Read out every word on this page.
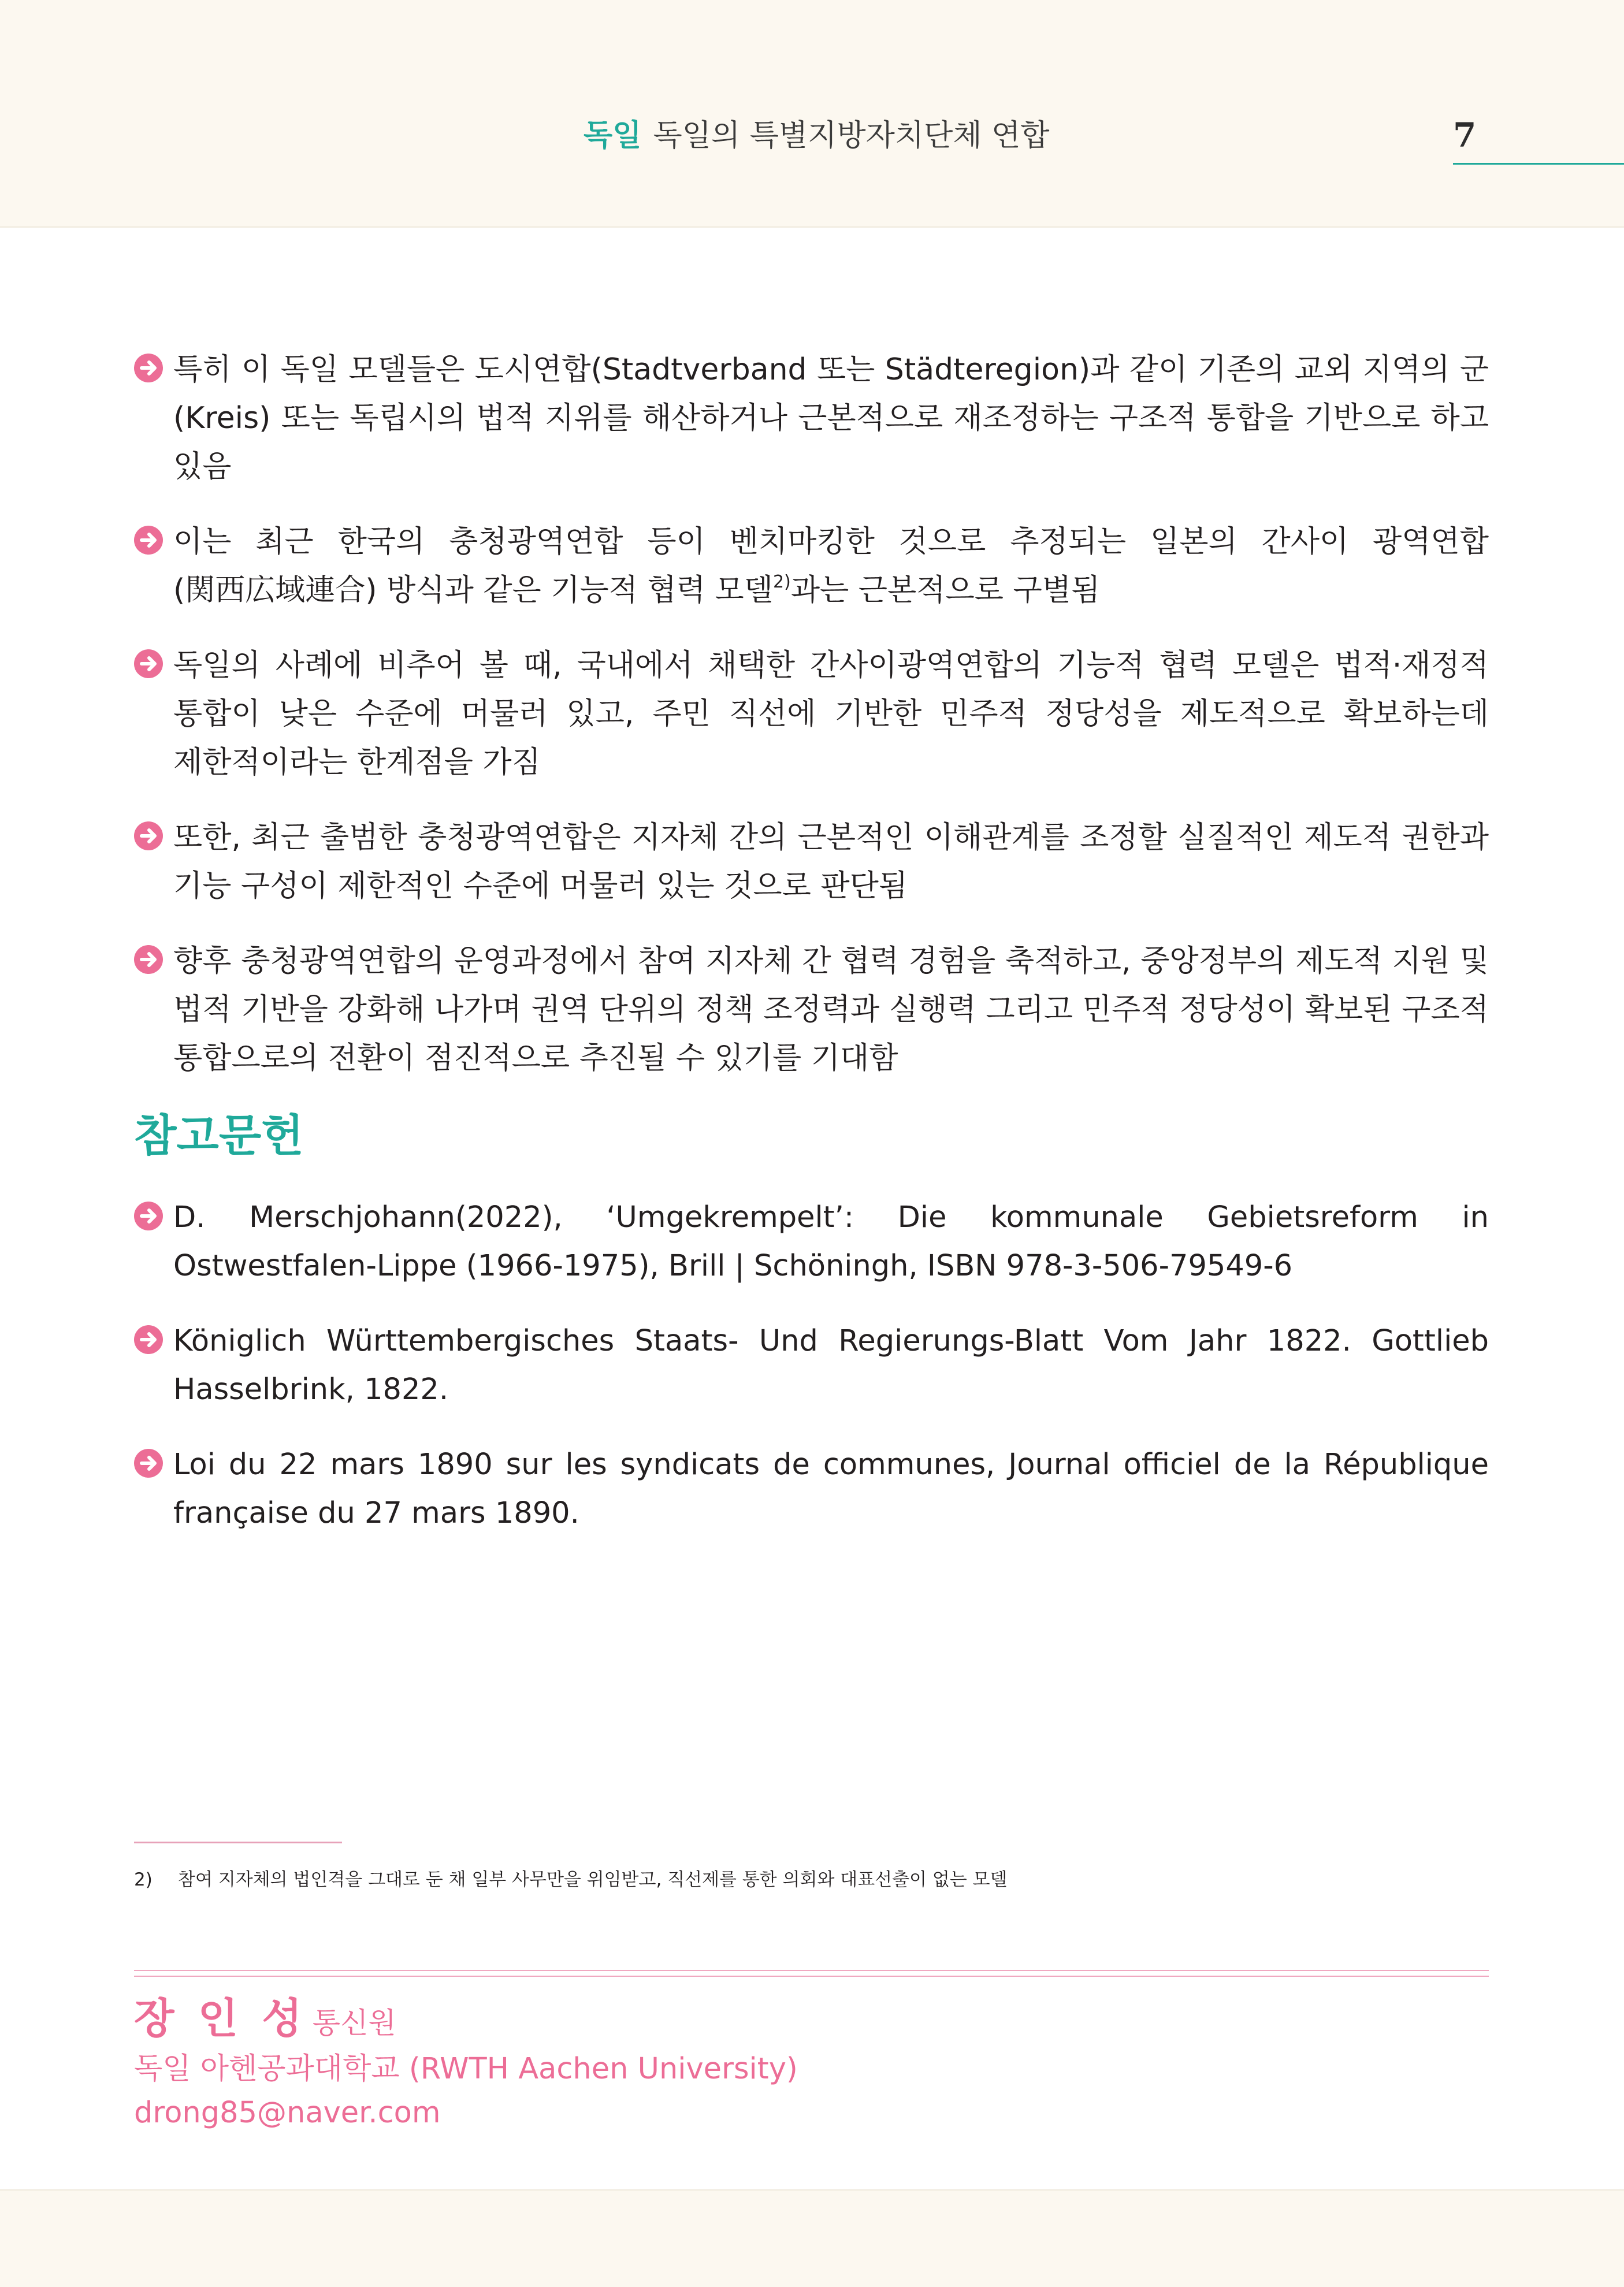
독일 독일의 특별지방자치단체 연합	7

특히 이 독일 모델들은 도시연합(Stadtverband 또는 Städteregion)과 같이 기존의 교외 지역의 군(Kreis) 또는 독립시의 법적 지위를 해산하거나 근본적으로 재조정하는 구조적 통합을 기반으로 하고 있음

이는 최근 한국의 충청광역연합 등이 벤치마킹한 것으로 추정되는 일본의 간사이 광역연합(関西広域連合) 방식과 같은 기능적 협력 모델$^{2)}$과는 근본적으로 구별됨

독일의 사례에 비추어 볼 때, 국내에서 채택한 간사이광역연합의 기능적 협력 모델은 법적·재정적 통합이 낮은 수준에 머물러 있고, 주민 직선에 기반한 민주적 정당성을 제도적으로 확보하는데 제한적이라는 한계점을 가짐

또한, 최근 출범한 충청광역연합은 지자체 간의 근본적인 이해관계를 조정할 실질적인 제도적 권한과 기능 구성이 제한적인 수준에 머물러 있는 것으로 판단됨

향후 충청광역연합의 운영과정에서 참여 지자체 간 협력 경험을 축적하고, 중앙정부의 제도적 지원 및 법적 기반을 강화해 나가며 권역 단위의 정책 조정력과 실행력 그리고 민주적 정당성이 확보된 구조적 통합으로의 전환이 점진적으로 추진될 수 있기를 기대함

참고문헌

D. Merschjohann(2022), ‘Umgekrempelt’: Die kommunale Gebietsreform in Ostwestfalen-Lippe (1966-1975), Brill | Schöningh, ISBN 978-3-506-79549-6

Königlich Württembergisches Staats- Und Regierungs-Blatt Vom Jahr 1822. Gottlieb Hasselbrink, 1822.

Loi du 22 mars 1890 sur les syndicats de communes, Journal officiel de la République française du 27 mars 1890.

2) 참여 지자체의 법인격을 그대로 둔 채 일부 사무만을 위임받고, 직선제를 통한 의회와 대표선출이 없는 모델
장 인 성 통신원
독일 아헨공과대학교 (RWTH Aachen University)
drong85@naver.com
